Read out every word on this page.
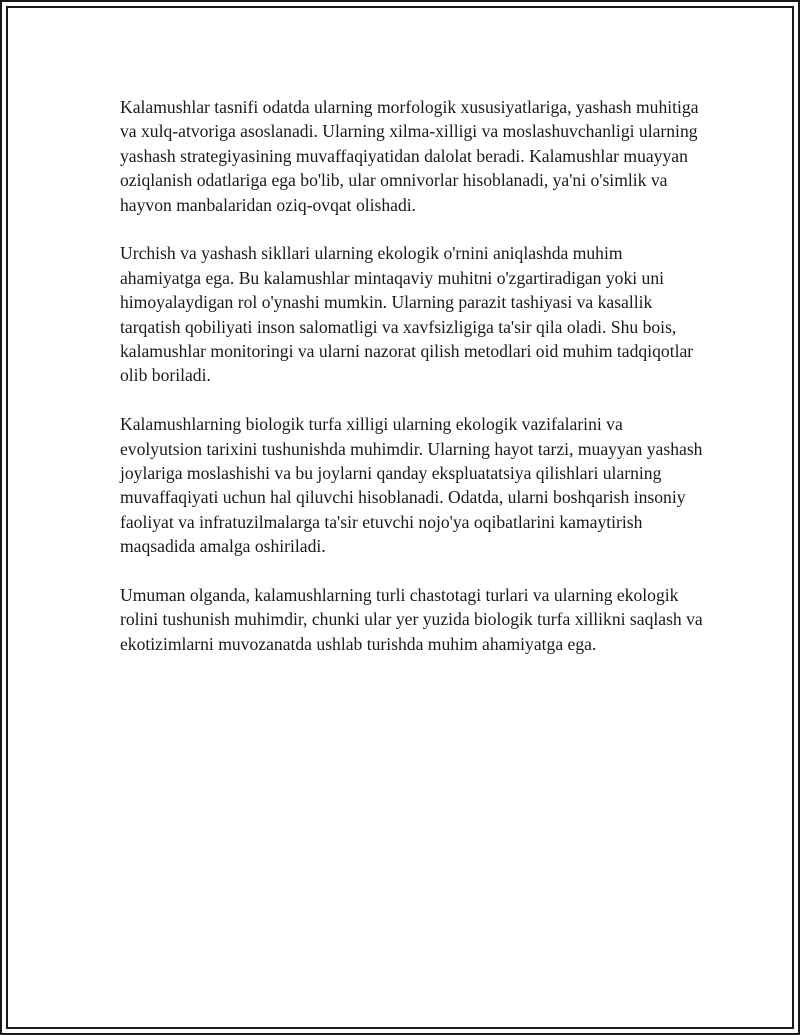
Kalamushlar tasnifi odatda ularning morfologik xususiyatlariga, yashash muhitiga va xulq-atvoriga asoslanadi. Ularning xilma-xilligi va moslashuvchanligi ularning yashash strategiyasining muvaffaqiyatidan dalolat beradi. Kalamushlar muayyan oziqlanish odatlariga ega bo'lib, ular omnivorlar hisoblanadi, ya'ni o'simlik va hayvon manbalaridan oziq-ovqat olishadi.

Urchish va yashash sikllari ularning ekologik o'rnini aniqlashda muhim ahamiyatga ega. Bu kalamushlar mintaqaviy muhitni o'zgartiradigan yoki uni himoyalaydigan rol o'ynashi mumkin. Ularning parazit tashiyasi va kasallik tarqatish qobiliyati inson salomatligi va xavfsizligiga ta'sir qila oladi. Shu bois, kalamushlar monitoringi va ularni nazorat qilish metodlari oid muhim tadqiqotlar olib boriladi.

Kalamushlarning biologik turfa xilligi ularning ekologik vazifalarini va evolyutsion tarixini tushunishda muhimdir. Ularning hayot tarzi, muayyan yashash joylariga moslashishi va bu joylarni qanday ekspluatatsiya qilishlari ularning muvaffaqiyati uchun hal qiluvchi hisoblanadi. Odatda, ularni boshqarish insoniy faoliyat va infratuzilmalarga ta'sir etuvchi nojo'ya oqibatlarini kamaytirish maqsadida amalga oshiriladi.

Umuman olganda, kalamushlarning turli chastotagi turlari va ularning ekologik rolini tushunish muhimdir, chunki ular yer yuzida biologik turfa xillikni saqlash va ekotizimlarni muvozanatda ushlab turishda muhim ahamiyatga ega.
